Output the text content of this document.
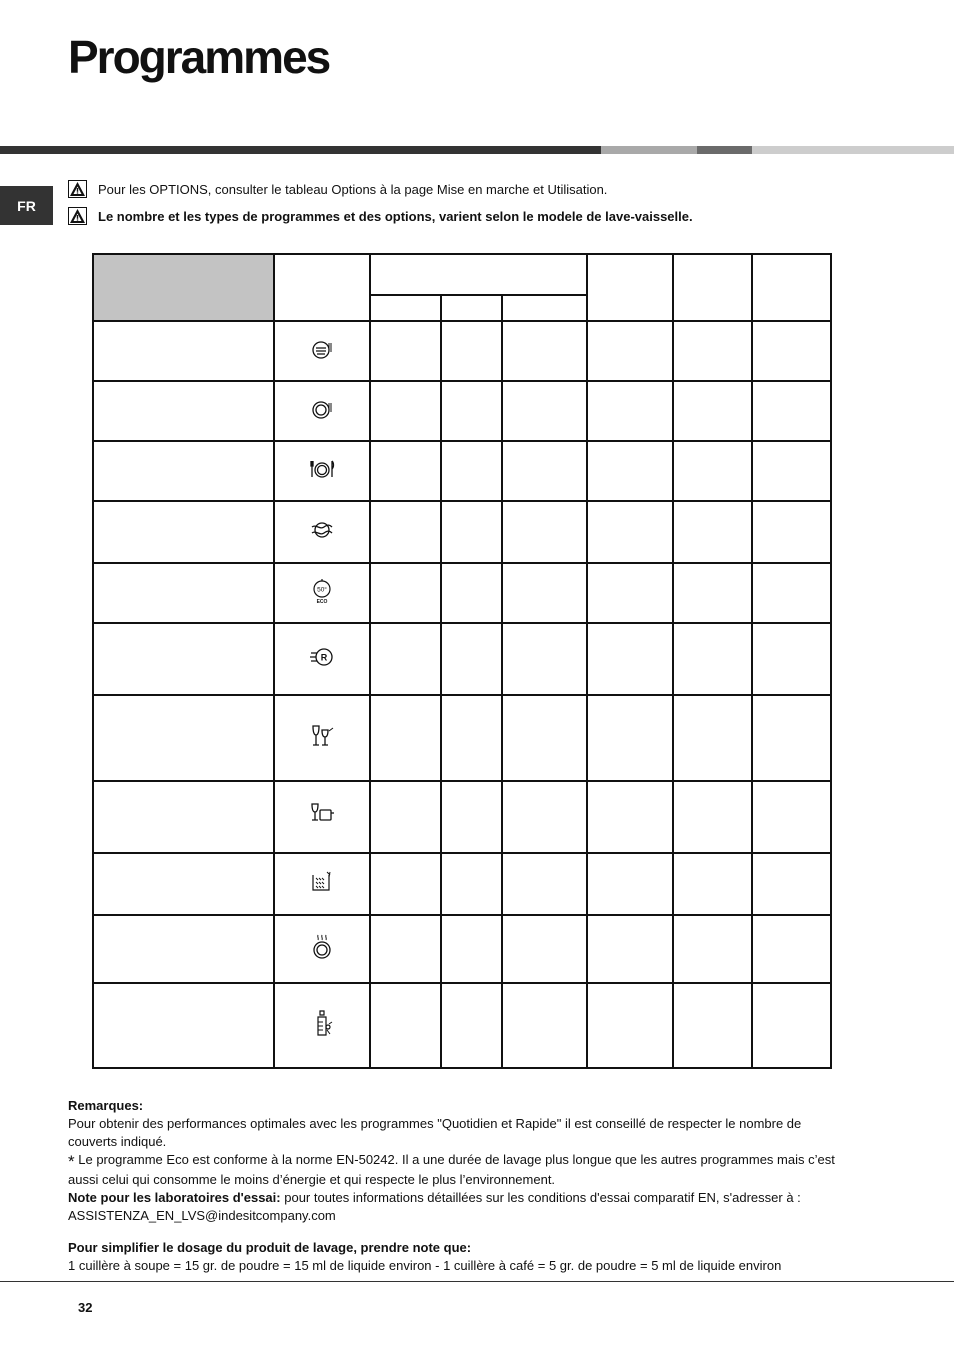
Programmes
FR
Pour les OPTIONS, consulter le tableau Options à la page Mise en marche et Utilisation.
Le nombre et les types de programmes et des options, varient selon le modele de lave-vaisselle.

50°
ECO						

R						

Remarques:

Pour obtenir des performances optimales avec les programmes "Quotidien et Rapide" il est conseillé de respecter le nombre de couverts indiqué.

* Le programme Eco est conforme à la norme EN-50242. Il a une durée de lavage plus longue que les autres programmes mais c’est aussi celui qui consomme le moins d’énergie et qui respecte le plus l’environnement.

Note pour les laboratoires d'essai: pour toutes informations détaillées sur les conditions d'essai comparatif EN, s'adresser à : ASSISTENZA_EN_LVS@indesitcompany.com

Pour simplifier le dosage du produit de lavage, prendre note que:

1 cuillère à soupe = 15 gr. de poudre = 15 ml de liquide environ - 1 cuillère à café = 5 gr. de poudre = 5 ml de liquide environ

32
